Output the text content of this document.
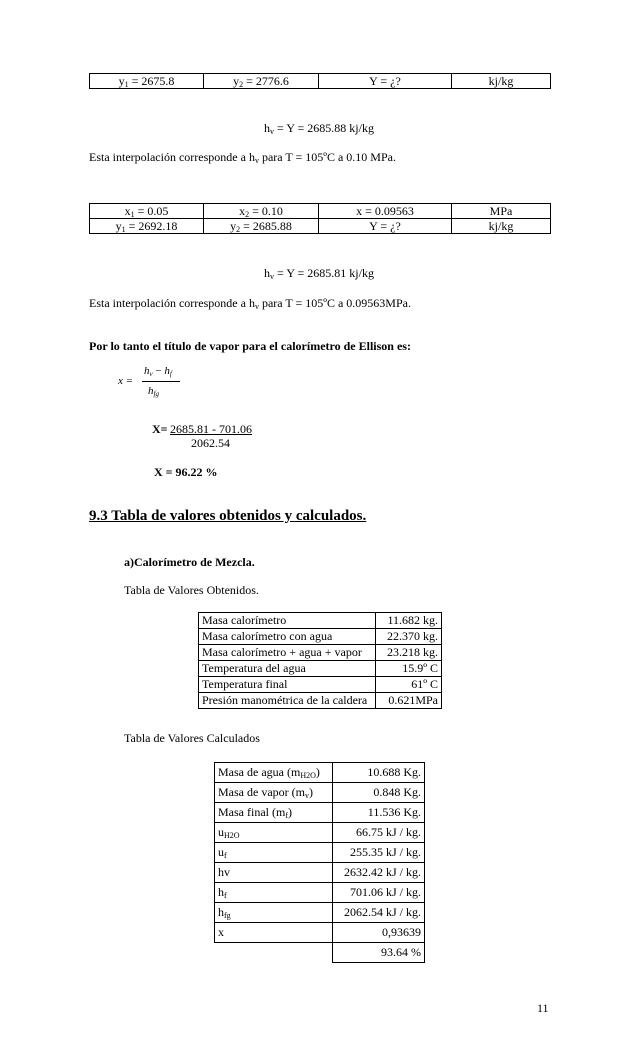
$y_1 = 2675.8$	$y_2 = 2776.6$	Y = ¿?	kj/kg
$h_v = Y = 2685.88$ kj/kg
Esta interpolación corresponde a $h_v$ para T = 105ºC a 0.10 MPa.
$x_1 = 0.05$	$x_2 = 0.10$	x = 0.09563	MPa
$y_1 = 2692.18$	$y_2 = 2685.88$	Y = ¿?	kj/kg
$h_v = Y = 2685.81$ kj/kg
Esta interpolación corresponde a $h_v$ para T = 105ºC a 0.09563MPa.
Por lo tanto el título de vapor para el calorímetro de Ellison es:
x =
$h_v - h_f$
$h_{fg}$
X= 2685.81 - 701.06
2062.54
X = 96.22 %
9.3 Tabla de valores obtenidos y calculados.
a)Calorímetro de Mezcla.
Tabla de Valores Obtenidos.
Masa calorímetro	11.682 kg.
Masa calorímetro con agua	22.370 kg.
Masa calorímetro + agua + vapor	23.218 kg.
Temperatura del agua	15.9º C
Temperatura final	61º C
Presión manométrica de la caldera	0.621MPa
Tabla de Valores Calculados
Masa de agua $(m_{H2O})$	10.688 Kg.
Masa de vapor $(m_v)$	0.848 Kg.
Masa final $(m_f)$	11.536 Kg.
$u_{H2O}$	66.75 kJ / kg.
$u_f$	255.35 kJ / kg.
hv	2632.42 kJ / kg.
$h_f$	701.06 kJ / kg.
$h_{fg}$	2062.54 kJ / kg.
x	0,93639
	93.64 %
11
